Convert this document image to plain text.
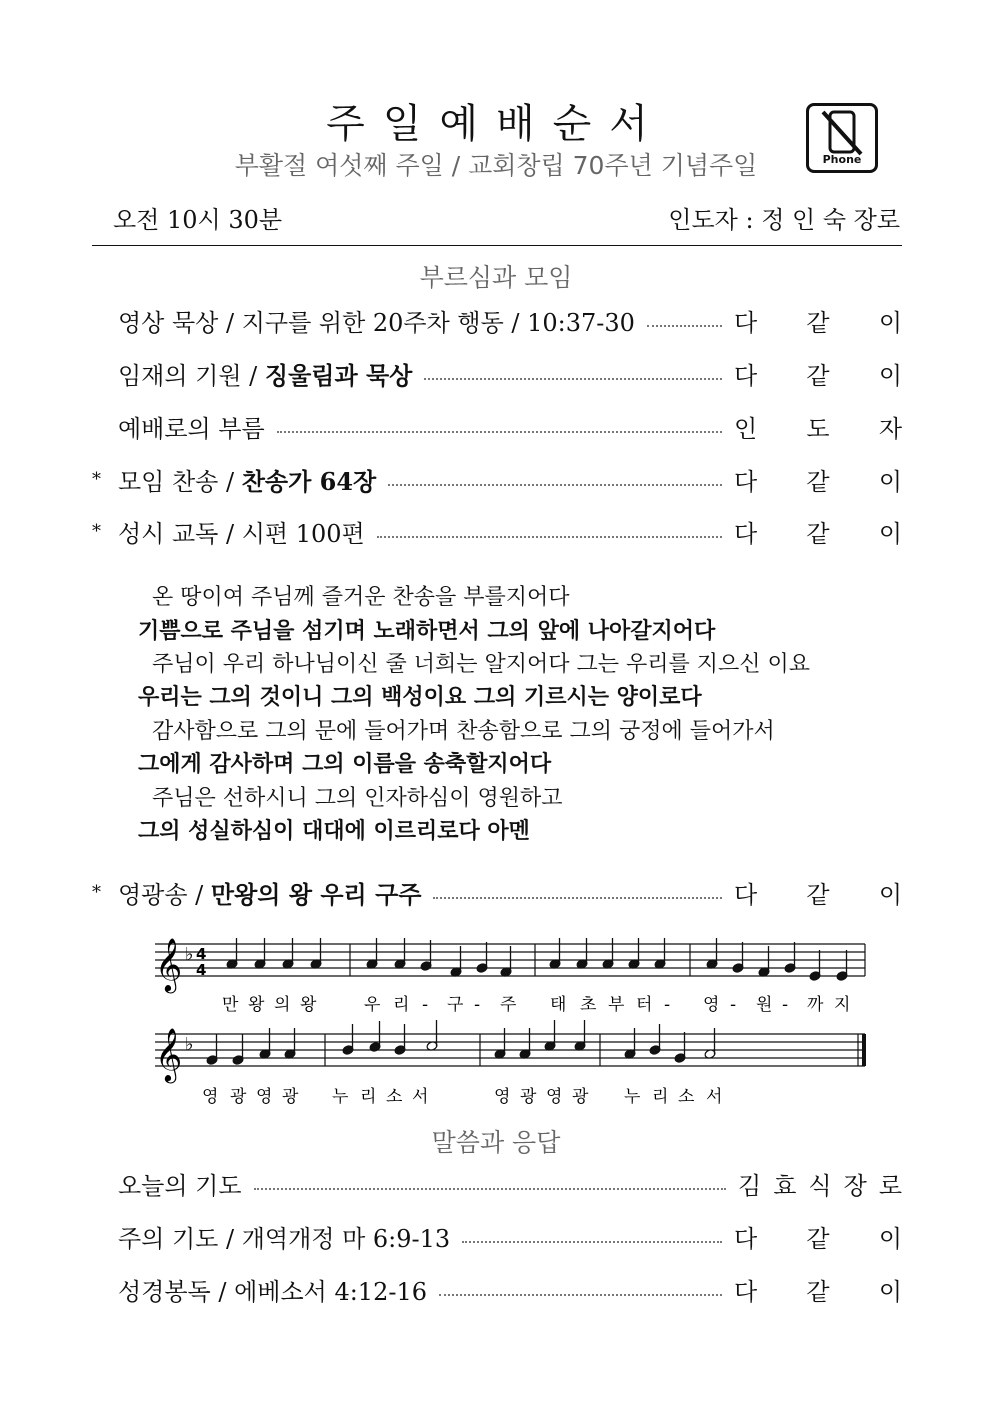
주일예배순서
부활절 여섯째 주일 / 교회창립 70주년 기념주일	Phone
오전 10시 30분	인도자 : 정 인 숙 장로
부르심과 모임
영상 묵상 / 지구를 위한 20주차 행동 / 10:37-30	다 같 이
임재의 기원 / 징울림과 묵상	다 같 이
예배로의 부름	인 도 자
* 모임 찬송 / 찬송가 64장	다 같 이
* 성시 교독 / 시편 100편	다 같 이
온 땅이여 주님께 즐거운 찬송을 부를지어다
기쁨으로 주님을 섬기며 노래하면서 그의 앞에 나아갈지어다
주님이 우리 하나님이신 줄 너희는 알지어다 그는 우리를 지으신 이요
우리는 그의 것이니 그의 백성이요 그의 기르시는 양이로다
감사함으로 그의 문에 들어가며 찬송함으로 그의 궁정에 들어가서
그에게 감사하며 그의 이름을 송축할지어다
주님은 선하시니 그의 인자하심이 영원하고
그의 성실하심이 대대에 이르리로다 아멘
* 영광송 / 만왕의 왕 우리 구주	다 같 이
𝄞 ♭ 4
4
𝄞 ♭
만 왕 의 왕	우 리 - 구 - 주 태 초 부 터 - 영 - 원 - 까 지
영 광 영 광 누 리 소 서	영 광 영 광 누 리 소 서
말씀과 응답
오늘의 기도	김 효 식 장 로
주의 기도 / 개역개정 마 6:9-13	다 같 이
성경봉독 / 에베소서 4:12-16	다 같 이
